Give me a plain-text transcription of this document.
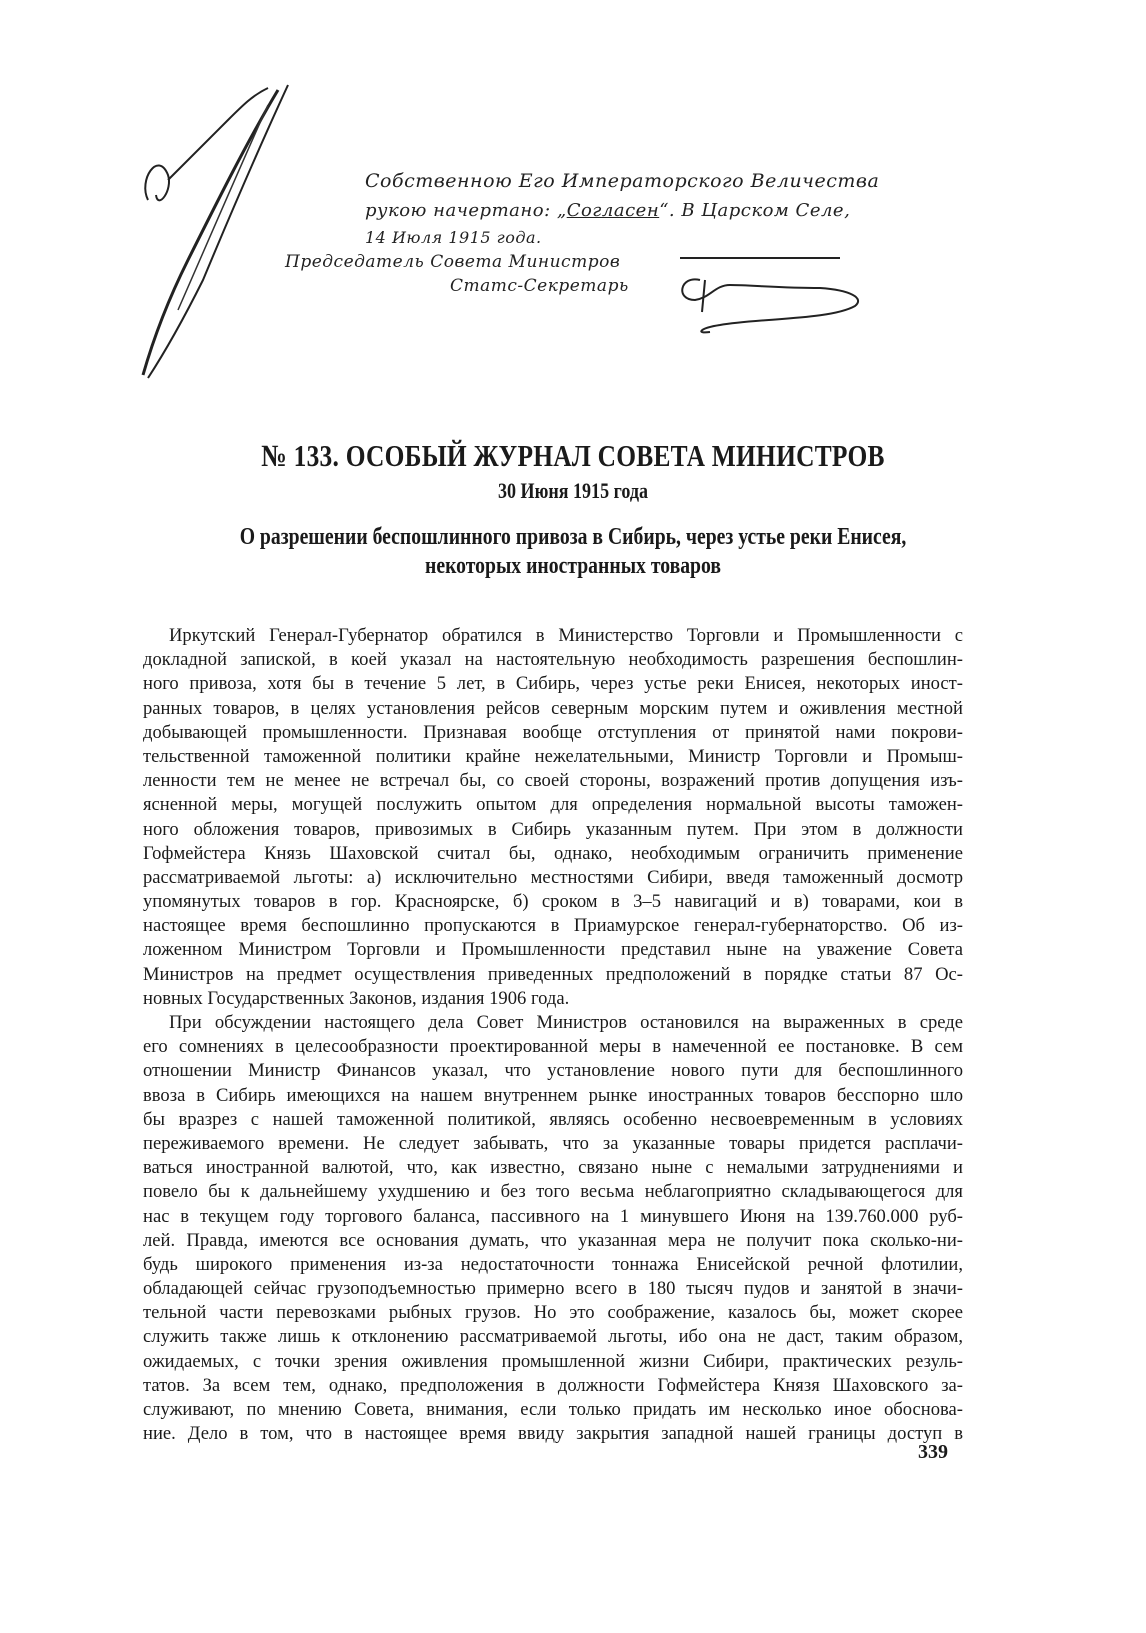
Собственною Его Императорского Величества
рукою начертано: „Согласен“. В Царском Селе,
14 Июля 1915 года.
Председатель Совета Министров
Статс-Секретарь
№ 133. ОСОБЫЙ ЖУРНАЛ СОВЕТА МИНИСТРОВ
30 Июня 1915 года
О разрешении беспошлинного привоза в Сибирь, через устье реки Енисея,
некоторых иностранных товаров
Иркутский Генерал-Губернатор обратился в Министерство Торговли и Промышленности с
докладной запиской, в коей указал на настоятельную необходимость разрешения беспошлин-
ного привоза, хотя бы в течение 5 лет, в Сибирь, через устье реки Енисея, некоторых иност-
ранных товаров, в целях установления рейсов северным морским путем и оживления местной
добывающей промышленности. Признавая вообще отступления от принятой нами покрови-
тельственной таможенной политики крайне нежелательными, Министр Торговли и Промыш-
ленности тем не менее не встречал бы, со своей стороны, возражений против допущения изъ-
ясненной меры, могущей послужить опытом для определения нормальной высоты таможен-
ного обложения товаров, привозимых в Сибирь указанным путем. При этом в должности
Гофмейстера Князь Шаховской считал бы, однако, необходимым ограничить применение
рассматриваемой льготы: а) исключительно местностями Сибири, введя таможенный досмотр
упомянутых товаров в гор. Красноярске, б) сроком в 3–5 навигаций и в) товарами, кои в
настоящее время беспошлинно пропускаются в Приамурское генерал-губернаторство. Об из-
ложенном Министром Торговли и Промышленности представил ныне на уважение Совета
Министров на предмет осуществления приведенных предположений в порядке статьи 87 Ос-
новных Государственных Законов, издания 1906 года.
При обсуждении настоящего дела Совет Министров остановился на выраженных в среде
его сомнениях в целесообразности проектированной меры в намеченной ее постановке. В сем
отношении Министр Финансов указал, что установление нового пути для беспошлинного
ввоза в Сибирь имеющихся на нашем внутреннем рынке иностранных товаров бесспорно шло
бы вразрез с нашей таможенной политикой, являясь особенно несвоевременным в условиях
переживаемого времени. Не следует забывать, что за указанные товары придется расплачи-
ваться иностранной валютой, что, как известно, связано ныне с немалыми затруднениями и
повело бы к дальнейшему ухудшению и без того весьма неблагоприятно складывающегося для
нас в текущем году торгового баланса, пассивного на 1 минувшего Июня на 139.760.000 руб-
лей. Правда, имеются все основания думать, что указанная мера не получит пока сколько-ни-
будь широкого применения из-за недостаточности тоннажа Енисейской речной флотилии,
обладающей сейчас грузоподъемностью примерно всего в 180 тысяч пудов и занятой в значи-
тельной части перевозками рыбных грузов. Но это соображение, казалось бы, может скорее
служить также лишь к отклонению рассматриваемой льготы, ибо она не даст, таким образом,
ожидаемых, с точки зрения оживления промышленной жизни Сибири, практических резуль-
татов. За всем тем, однако, предположения в должности Гофмейстера Князя Шаховского за-
служивают, по мнению Совета, внимания, если только придать им несколько иное обоснова-
ние. Дело в том, что в настоящее время ввиду закрытия западной нашей границы доступ в
339
